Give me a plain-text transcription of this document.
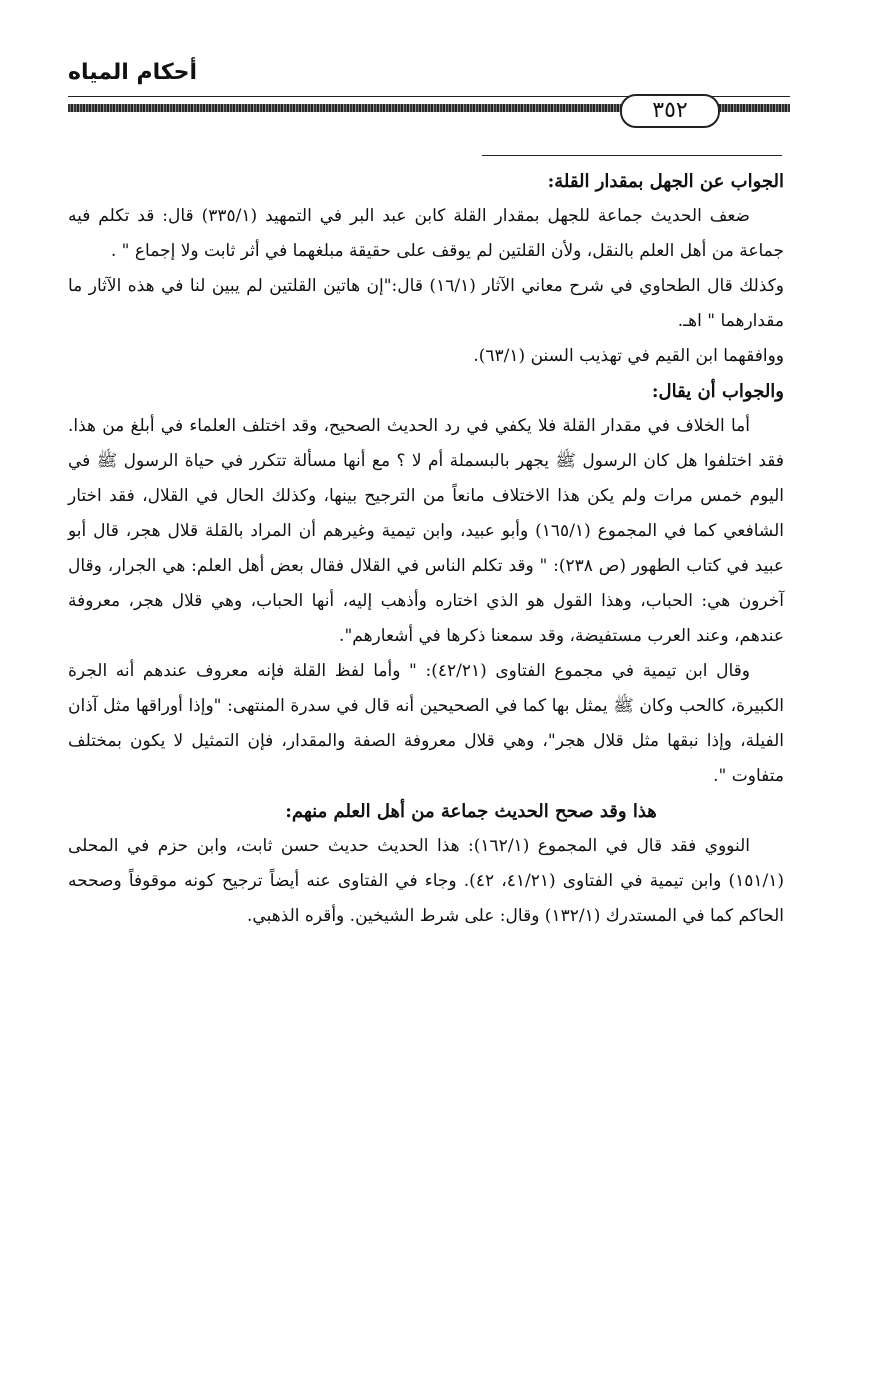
أحكام المياه
٣٥٢

الجواب عن الجهل بمقدار القلة:

ضعف الحديث جماعة للجهل بمقدار القلة كابن عبد البر في التمهيد (٣٣٥/١) قال: قد تكلم فيه جماعة من أهل العلم بالنقل، ولأن القلتين لم يوقف على حقيقة مبلغهما في أثر ثابت ولا إجماع " .

وكذلك قال الطحاوي في شرح معاني الآثار (١٦/١) قال:"إن هاتين القلتين لم يبين لنا في هذه الآثار ما مقدارهما " اهـ.

ووافقهما ابن القيم في تهذيب السنن (٦٣/١).

والجواب أن يقال:

أما الخلاف في مقدار القلة فلا يكفي في رد الحديث الصحيح، وقد اختلف العلماء في أبلغ من هذا. فقد اختلفوا هل كان الرسول ﷺ يجهر بالبسملة أم لا ؟ مع أنها مسألة تتكرر في حياة الرسول ﷺ في اليوم خمس مرات ولم يكن هذا الاختلاف مانعاً من الترجيح بينها، وكذلك الحال في القلال، فقد اختار الشافعي كما في المجموع (١٦٥/١) وأبو عبيد، وابن تيمية وغيرهم أن المراد بالقلة قلال هجر، قال أبو عبيد في كتاب الطهور (ص ٢٣٨): " وقد تكلم الناس في القلال فقال بعض أهل العلم: هي الجرار، وقال آخرون هي: الحباب، وهذا القول هو الذي اختاره وأذهب إليه، أنها الحباب، وهي قلال هجر، معروفة عندهم، وعند العرب مستفيضة، وقد سمعنا ذكرها في أشعارهم".

وقال ابن تيمية في مجموع الفتاوى (٤٢/٢١): " وأما لفظ القلة فإنه معروف عندهم أنه الجرة الكبيرة، كالحب وكان ﷺ يمثل بها كما في الصحيحين أنه قال في سدرة المنتهى: "وإذا أوراقها مثل آذان الفيلة، وإذا نبقها مثل قلال هجر"، وهي قلال معروفة الصفة والمقدار، فإن التمثيل لا يكون بمختلف متفاوت ".

هذا وقد صحح الحديث جماعة من أهل العلم منهم:

النووي فقد قال في المجموع (١٦٢/١): هذا الحديث حديث حسن ثابت، وابن حزم في المحلى (١٥١/١) وابن تيمية في الفتاوى (٤١/٢١، ٤٢). وجاء في الفتاوى عنه أيضاً ترجيح كونه موقوفاً وصححه الحاكم كما في المستدرك (١٣٢/١) وقال: على شرط الشيخين. وأقره الذهبي.
